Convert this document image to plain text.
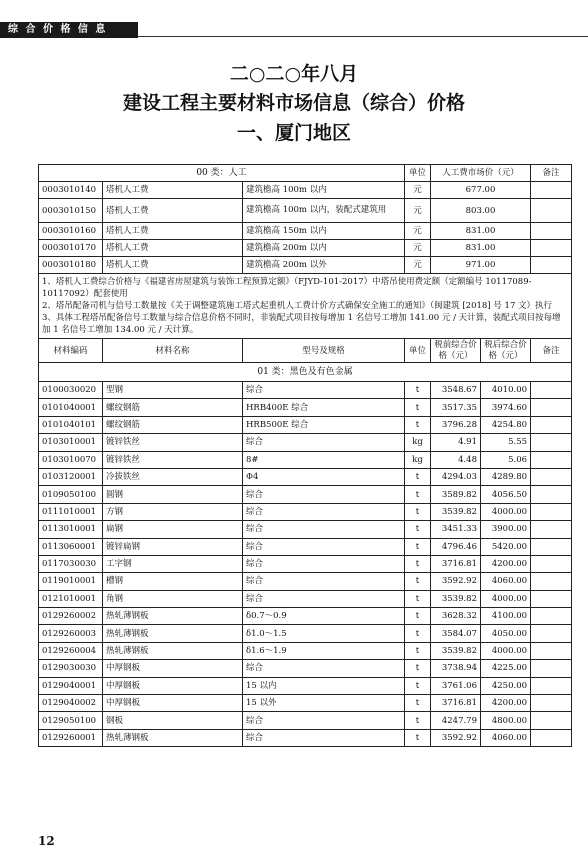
综 合 价 格 信 息
二○二○年八月
建设工程主要材料市场信息（综合）价格
一、厦门地区
00 类：人工			单位	人工费市场价（元）		备注
0003010140	塔机人工费	建筑檐高 100m 以内	元	677.00		
0003010150	塔机人工费	建筑檐高 100m 以内，装配式建筑用	元	803.00		
0003010160	塔机人工费	建筑檐高 150m 以内	元	831.00		
0003010170	塔机人工费	建筑檐高 200m 以内	元	831.00		
0003010180	塔机人工费	建筑檐高 200m 以外	元	971.00		

1、塔机人工费综合价格与《福建省房屋建筑与装饰工程预算定额》（FJYD-101-2017）中塔吊使用费定额（定额编号 10117089-10117092）配套使用
2、塔吊配备司机与信号工数量按《关于调整建筑施工塔式起重机人工费计价方式确保安全施工的通知》（闽建筑 [2018] 号 17 文）执行
3、具体工程塔吊配备信号工数量与综合信息价格不同时，非装配式项目按每增加 1 名信号工增加 141.00 元 / 天计算，装配式项目按每增加 1 名信号工增加 134.00 元 / 天计算。						

材料编码	材料名称	型号及规格	单位	税前综合价格（元）	税后综合价格（元）	备注
01 类：黑色及有色金属						
0100030020	型钢	综合	t	3548.67	4010.00	
0101040001	螺纹钢筋	HRB400E 综合	t	3517.35	3974.60	
0101040101	螺纹钢筋	HRB500E 综合	t	3796.28	4254.80	
0103010001	镀锌铁丝	综合	kg	4.91	5.55	
0103010070	镀锌铁丝	8#	kg	4.48	5.06	
0103120001	冷拔铁丝	Φ4	t	4294.03	4289.80	
0109050100	圆钢	综合	t	3589.82	4056.50	
0111010001	方钢	综合	t	3539.82	4000.00	
0113010001	扁钢	综合	t	3451.33	3900.00	
0113060001	镀锌扁钢	综合	t	4796.46	5420.00	
0117030030	工字钢	综合	t	3716.81	4200.00	
0119010001	槽钢	综合	t	3592.92	4060.00	
0121010001	角钢	综合	t	3539.82	4000.00	
0129260002	热轧薄钢板	δ0.7～0.9	t	3628.32	4100.00	
0129260003	热轧薄钢板	δ1.0～1.5	t	3584.07	4050.00	
0129260004	热轧薄钢板	δ1.6～1.9	t	3539.82	4000.00	
0129030030	中厚钢板	综合	t	3738.94	4225.00	
0129040001	中厚钢板	15 以内	t	3761.06	4250.00	
0129040002	中厚钢板	15 以外	t	3716.81	4200.00	
0129050100	钢板	综合	t	4247.79	4800.00	
0129260001	热轧薄钢板	综合	t	3592.92	4060.00	
12
